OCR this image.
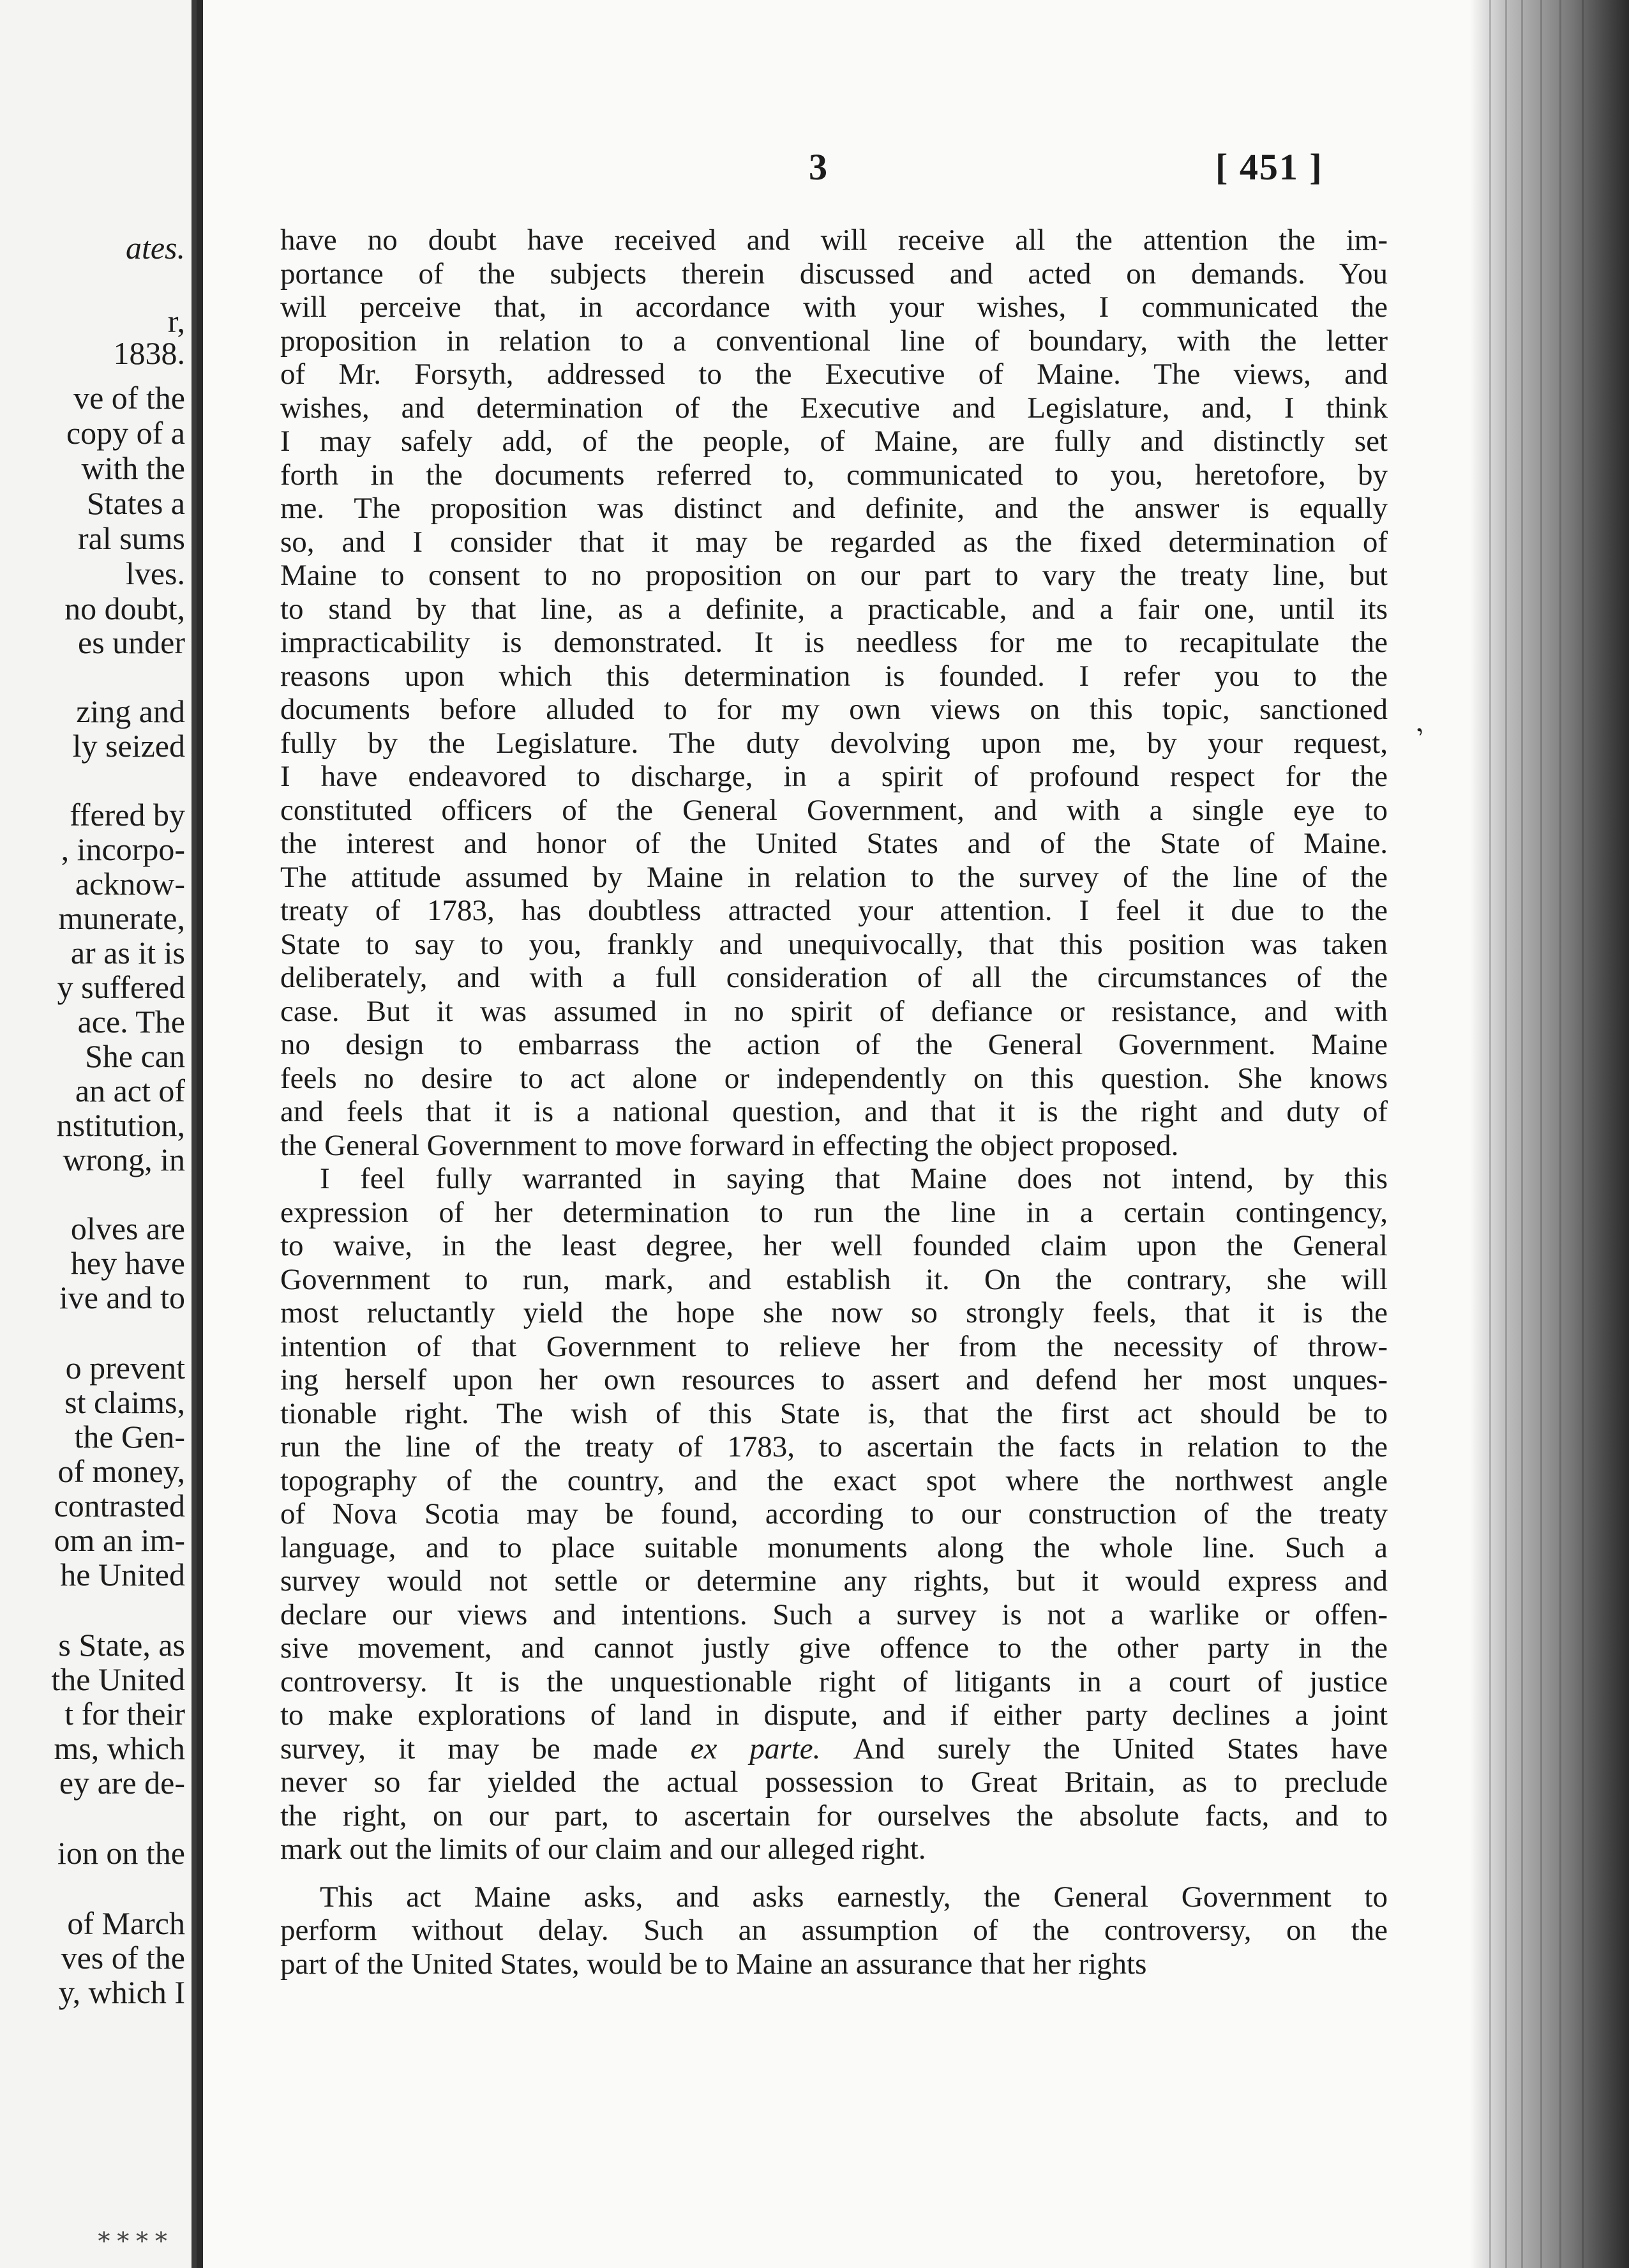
ates.
r,
1838.
ve of the
copy of a
with the
States a
ral sums
lves.
no doubt,
es under
zing and
ly seized
ffered by
, incorpo-
acknow-
munerate,
ar as it is
y suffered
ace. The
She can
an act of
nstitution,
wrong, in
olves are
hey have
ive and to
o prevent
st claims,
the Gen-
of money,
contrasted
om an im-
he United
s State, as
the United
t for their
ms, which
ey are de-
ion on the
of March
ves of the
y, which I
3	[ 451 ]
have no doubt have received and will receive all the attention the im-
portance of the subjects therein discussed and acted on demands. You
will perceive that, in accordance with your wishes, I communicated the
proposition in relation to a conventional line of boundary, with the letter
of Mr. Forsyth, addressed to the Executive of Maine. The views, and
wishes, and determination of the Executive and Legislature, and, I think
I may safely add, of the people, of Maine, are fully and distinctly set
forth in the documents referred to, communicated to you, heretofore, by
me. The proposition was distinct and definite, and the answer is equally
so, and I consider that it may be regarded as the fixed determination of
Maine to consent to no proposition on our part to vary the treaty line, but
to stand by that line, as a definite, a practicable, and a fair one, until its
impracticability is demonstrated. It is needless for me to recapitulate the
reasons upon which this determination is founded. I refer you to the
documents before alluded to for my own views on this topic, sanctioned
fully by the Legislature. The duty devolving upon me, by your request,
I have endeavored to discharge, in a spirit of profound respect for the
constituted officers of the General Government, and with a single eye to
the interest and honor of the United States and of the State of Maine.
The attitude assumed by Maine in relation to the survey of the line of the
treaty of 1783, has doubtless attracted your attention. I feel it due to the
State to say to you, frankly and unequivocally, that this position was taken
deliberately, and with a full consideration of all the circumstances of the
case. But it was assumed in no spirit of defiance or resistance, and with
no design to embarrass the action of the General Government. Maine
feels no desire to act alone or independently on this question. She knows
and feels that it is a national question, and that it is the right and duty of
the General Government to move forward in effecting the object proposed.
I feel fully warranted in saying that Maine does not intend, by this
expression of her determination to run the line in a certain contingency,
to waive, in the least degree, her well founded claim upon the General
Government to run, mark, and establish it. On the contrary, she will
most reluctantly yield the hope she now so strongly feels, that it is the
intention of that Government to relieve her from the necessity of throw-
ing herself upon her own resources to assert and defend her most unques-
tionable right. The wish of this State is, that the first act should be to
run the line of the treaty of 1783, to ascertain the facts in relation to the
topography of the country, and the exact spot where the northwest angle
of Nova Scotia may be found, according to our construction of the treaty
language, and to place suitable monuments along the whole line. Such a
survey would not settle or determine any rights, but it would express and
declare our views and intentions. Such a survey is not a warlike or offen-
sive movement, and cannot justly give offence to the other party in the
controversy. It is the unquestionable right of litigants in a court of justice
to make explorations of land in dispute, and if either party declines a joint
survey, it may be made ex parte. And surely the United States have
never so far yielded the actual possession to Great Britain, as to preclude
the right, on our part, to ascertain for ourselves the absolute facts, and to
mark out the limits of our claim and our alleged right.
This act Maine asks, and asks earnestly, the General Government to
perform without delay. Such an assumption of the controversy, on the
part of the United States, would be to Maine an assurance that her rights
’
∗∗∗∗
